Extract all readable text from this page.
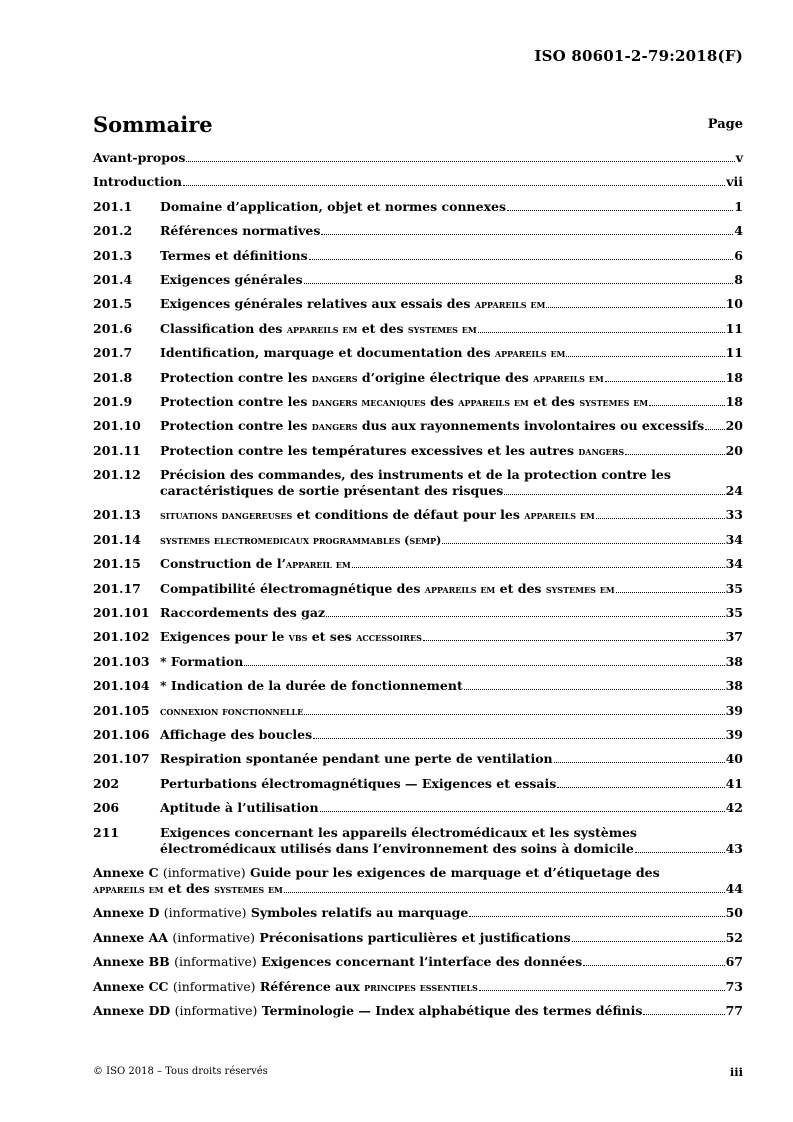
ISO 80601-2-79:2018(F)
Sommaire	Page
Avant-propos	v
Introduction	vii
201.1 Domaine d’application, objet et normes connexes	1
201.2 Références normatives	4
201.3 Termes et définitions	6
201.4 Exigences générales	8
201.5 Exigences générales relatives aux essais des appareils em	10
201.6 Classification des appareils em et des systemes em	11
201.7 Identification, marquage et documentation des appareils em	11
201.8 Protection contre les dangers d’origine électrique des appareils em	18
201.9 Protection contre les dangers mecaniques des appareils em et des systemes em	18
201.10 Protection contre les dangers dus aux rayonnements involontaires ou excessifs 20
201.11 Protection contre les températures excessives et les autres dangers	20
201.12 Précision des commandes, des instruments et de la protection contre les
caractéristiques de sortie présentant des risques	24
201.13 situations dangereuses et conditions de défaut pour les appareils em	33
201.14 systemes electromedicaux programmables (semp)	34
201.15 Construction de l’appareil em	34
201.17 Compatibilité électromagnétique des appareils em et des systemes em	35
201.101 Raccordements des gaz	35
201.102 Exigences pour le vbs et ses accessoires	37
201.103 * Formation	38
201.104 * Indication de la durée de fonctionnement	38
201.105 connexion fonctionnelle	39
201.106 Affichage des boucles	39
201.107 Respiration spontanée pendant une perte de ventilation	40
202	Perturbations électromagnétiques — Exigences et essais	41
206	Aptitude à l’utilisation	42
211	Exigences concernant les appareils électromédicaux et les systèmes
électromédicaux utilisés dans l’environnement des soins à domicile	43
Annexe C (informative) Guide pour les exigences de marquage et d’étiquetage des
appareils em et des systemes em	44
Annexe D (informative) Symboles relatifs au marquage	50
Annexe AA (informative) Préconisations particulières et justifications	52
Annexe BB (informative) Exigences concernant l’interface des données	67
Annexe CC (informative) Référence aux principes essentiels	73
Annexe DD (informative) Terminologie — Index alphabétique des termes définis	77
© ISO 2018 – Tous droits réservés	iii
